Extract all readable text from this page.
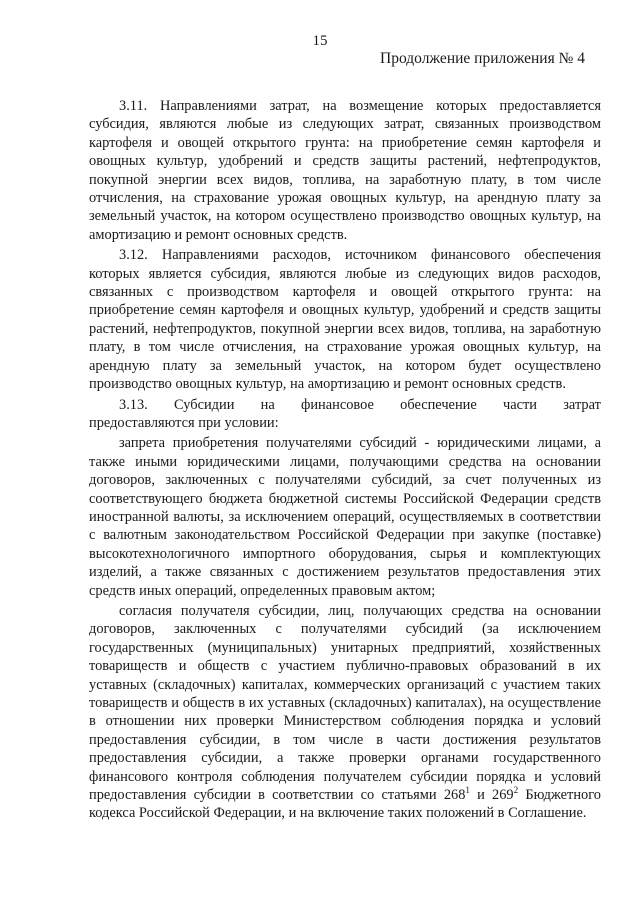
15
Продолжение приложения № 4

3.11. Направлениями затрат, на возмещение которых предоставляется субсидия, являются любые из следующих затрат, связанных производством картофеля и овощей открытого грунта: на приобретение семян картофеля и овощных культур, удобрений и средств защиты растений, нефтепродуктов, покупной энергии всех видов, топлива, на заработную плату, в том числе отчисления, на страхование урожая овощных культур, на арендную плату за земельный участок, на котором осуществлено производство овощных культур, на амортизацию и ремонт основных средств.

3.12. Направлениями расходов, источником финансового обеспечения которых является субсидия, являются любые из следующих видов расходов, связанных с производством картофеля и овощей открытого грунта: на приобретение семян картофеля и овощных культур, удобрений и средств защиты растений, нефтепродуктов, покупной энергии всех видов, топлива, на заработную плату, в том числе отчисления, на страхование урожая овощных культур, на арендную плату за земельный участок, на котором будет осуществлено производство овощных культур, на амортизацию и ремонт основных средств.

3.13. Субсидии на финансовое обеспечение части затрат
предоставляются при условии:

запрета приобретения получателями субсидий - юридическими лицами, а также иными юридическими лицами, получающими средства на основании договоров, заключенных с получателями субсидий, за счет полученных из соответствующего бюджета бюджетной системы Российской Федерации средств иностранной валюты, за исключением операций, осуществляемых в соответствии с валютным законодательством Российской Федерации при закупке (поставке) высокотехнологичного импортного оборудования, сырья и комплектующих изделий, а также связанных с достижением результатов предоставления этих средств иных операций, определенных правовым актом;

согласия получателя субсидии, лиц, получающих средства на основании договоров, заключенных с получателями субсидий (за исключением государственных (муниципальных) унитарных предприятий, хозяйственных товариществ и обществ с участием публично-правовых образований в их уставных (складочных) капиталах, коммерческих организаций с участием таких товариществ и обществ в их уставных (складочных) капиталах), на осуществление в отношении них проверки Министерством соблюдения порядка и условий предоставления субсидии, в том числе в части достижения результатов предоставления субсидии, а также проверки органами государственного финансового контроля соблюдения получателем субсидии порядка и условий предоставления субсидии в соответствии со статьями $268^1$ и $269^2$ Бюджетного кодекса Российской Федерации, и на включение таких положений в Соглашение.
